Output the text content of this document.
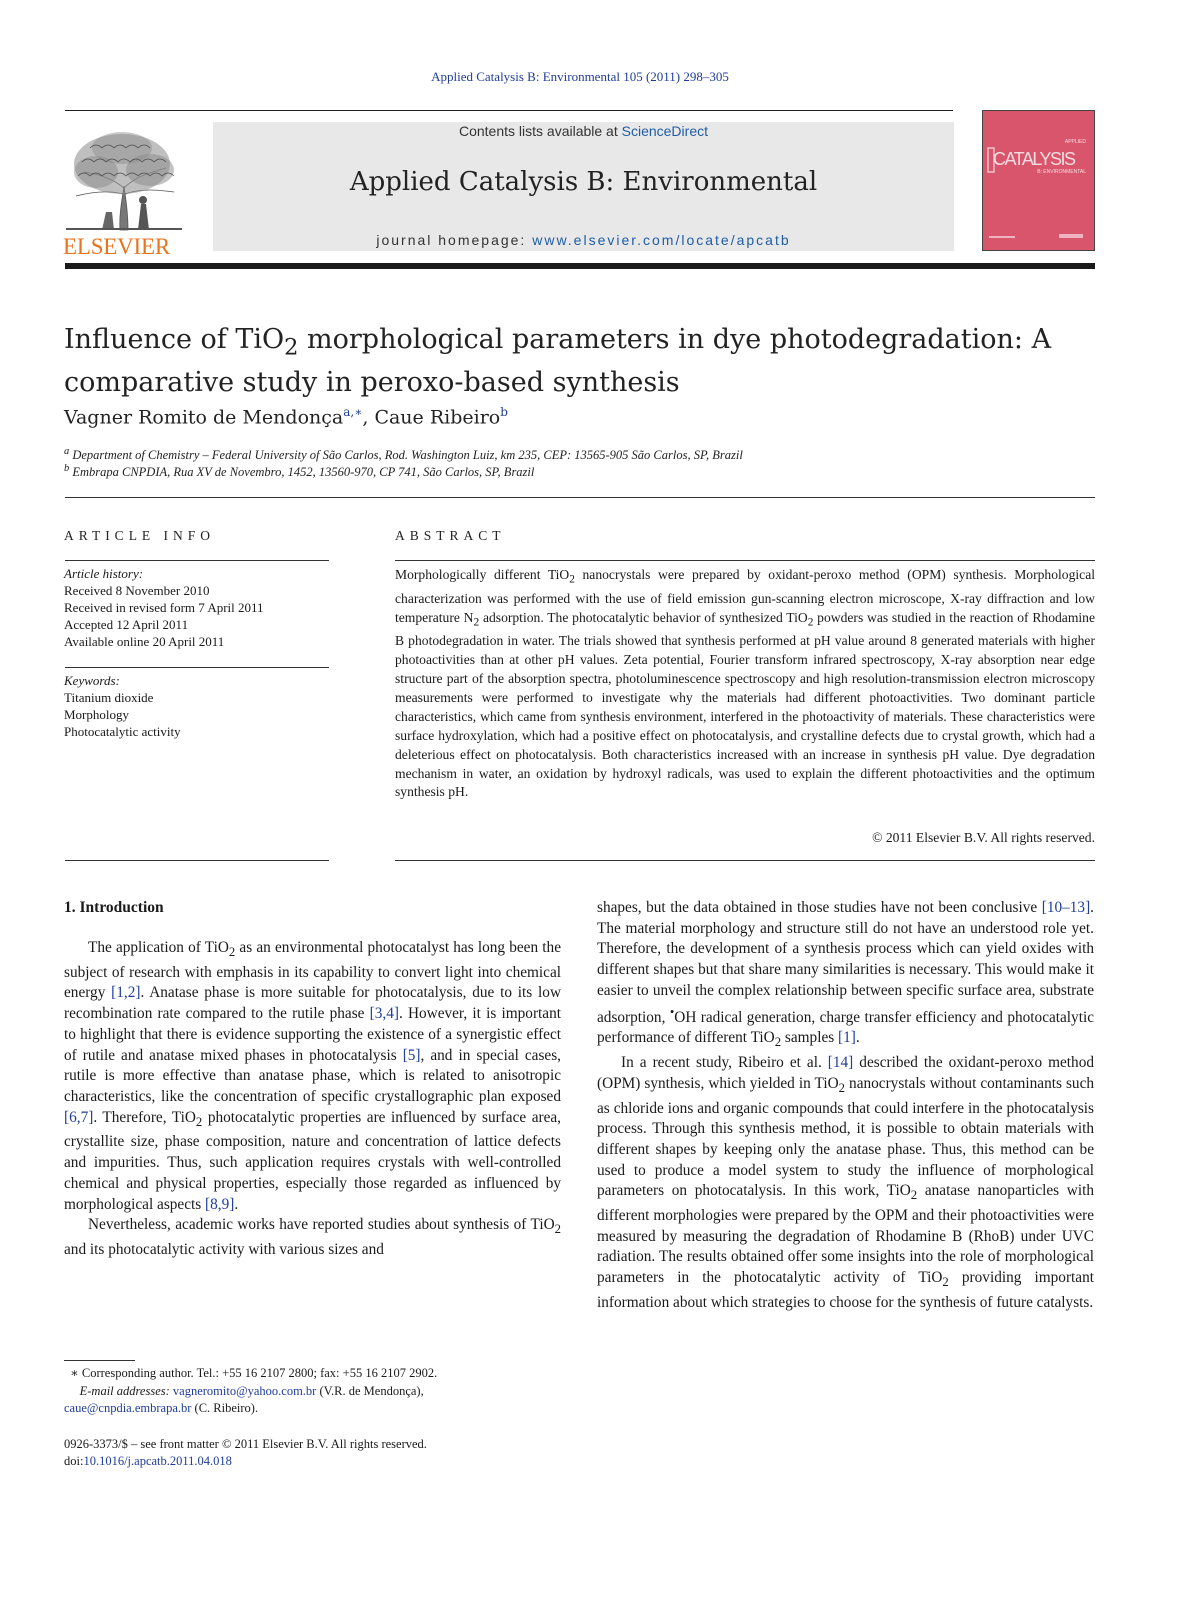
Applied Catalysis B: Environmental 105 (2011) 298–305
ELSEVIER
Contents lists available at ScienceDirect
Applied Catalysis B: Environmental
journal homepage: www.elsevier.com/locate/apcatb
APPLIED
CATALYSIS
B: ENVIRONMENTAL
Influence of TiO$_2$ morphological parameters in dye photodegradation: A comparative study in peroxo-based synthesis
Vagner Romito de Mendonça$^{a,∗}$, Caue Ribeiro$^b$
$^a$ Department of Chemistry – Federal University of São Carlos, Rod. Washington Luiz, km 235, CEP: 13565-905 São Carlos, SP, Brazil
$^b$ Embrapa CNPDIA, Rua XV de Novembro, 1452, 13560-970, CP 741, São Carlos, SP, Brazil
ARTICLE INFO	ABSTRACT
Article history:
Received 8 November 2010
Received in revised form 7 April 2011
Accepted 12 April 2011
Available online 20 April 2011
Keywords:
Titanium dioxide
Morphology
Photocatalytic activity
Morphologically different TiO$_2$ nanocrystals were prepared by oxidant-peroxo method (OPM) synthesis. Morphological characterization was performed with the use of field emission gun-scanning electron microscope, X-ray diffraction and low temperature $N_2$ adsorption. The photocatalytic behavior of synthesized TiO$_2$ powders was studied in the reaction of Rhodamine B photodegradation in water. The trials showed that synthesis performed at pH value around 8 generated materials with higher photoactivities than at other pH values. Zeta potential, Fourier transform infrared spectroscopy, X-ray absorption near edge structure part of the absorption spectra, photoluminescence spectroscopy and high resolution-transmission electron microscopy measurements were performed to investigate why the materials had different photoactivities. Two dominant particle characteristics, which came from synthesis environment, interfered in the photoactivity of materials. These characteristics were surface hydroxylation, which had a positive effect on photocatalysis, and crystalline defects due to crystal growth, which had a deleterious effect on photocatalysis. Both characteristics increased with an increase in synthesis pH value. Dye degradation mechanism in water, an oxidation by hydroxyl radicals, was used to explain the different photoactivities and the optimum synthesis pH.
© 2011 Elsevier B.V. All rights reserved.
1. Introduction

The application of TiO$_2$ as an environmental photocatalyst has long been the subject of research with emphasis in its capability to convert light into chemical energy [1,2]. Anatase phase is more suitable for photocatalysis, due to its low recombination rate compared to the rutile phase [3,4]. However, it is important to highlight that there is evidence supporting the existence of a synergistic effect of rutile and anatase mixed phases in photocatalysis [5], and in special cases, rutile is more effective than anatase phase, which is related to anisotropic characteristics, like the concentration of specific crystallographic plan exposed [6,7]. Therefore, TiO$_2$ photocatalytic properties are influenced by surface area, crystallite size, phase composition, nature and concentration of lattice defects and impurities. Thus, such application requires crystals with well-controlled chemical and physical properties, especially those regarded as influenced by morphological aspects [8,9].

Nevertheless, academic works have reported studies about synthesis of TiO$_2$ and its photocatalytic activity with various sizes and

shapes, but the data obtained in those studies have not been conclusive [10–13]. The material morphology and structure still do not have an understood role yet. Therefore, the development of a synthesis process which can yield oxides with different shapes but that share many similarities is necessary. This would make it easier to unveil the complex relationship between specific surface area, substrate adsorption, •OH radical generation, charge transfer efficiency and photocatalytic performance of different TiO$_2$ samples [1].

In a recent study, Ribeiro et al. [14] described the oxidant-peroxo method (OPM) synthesis, which yielded in TiO$_2$ nanocrystals without contaminants such as chloride ions and organic compounds that could interfere in the photocatalysis process. Through this synthesis method, it is possible to obtain materials with different shapes by keeping only the anatase phase. Thus, this method can be used to produce a model system to study the influence of morphological parameters on photocatalysis. In this work, TiO$_2$ anatase nanoparticles with different morphologies were prepared by the OPM and their photoactivities were measured by measuring the degradation of Rhodamine B (RhoB) under UVC radiation. The results obtained offer some insights into the role of morphological parameters in the photocatalytic activity of TiO$_2$ providing important information about which strategies to choose for the synthesis of future catalysts.

∗ Corresponding author. Tel.: +55 16 2107 2800; fax: +55 16 2107 2902.
E-mail addresses: vagneromito@yahoo.com.br (V.R. de Mendonça),
caue@cnpdia.embrapa.br (C. Ribeiro).
0926-3373/$ – see front matter © 2011 Elsevier B.V. All rights reserved.
doi:10.1016/j.apcatb.2011.04.018
